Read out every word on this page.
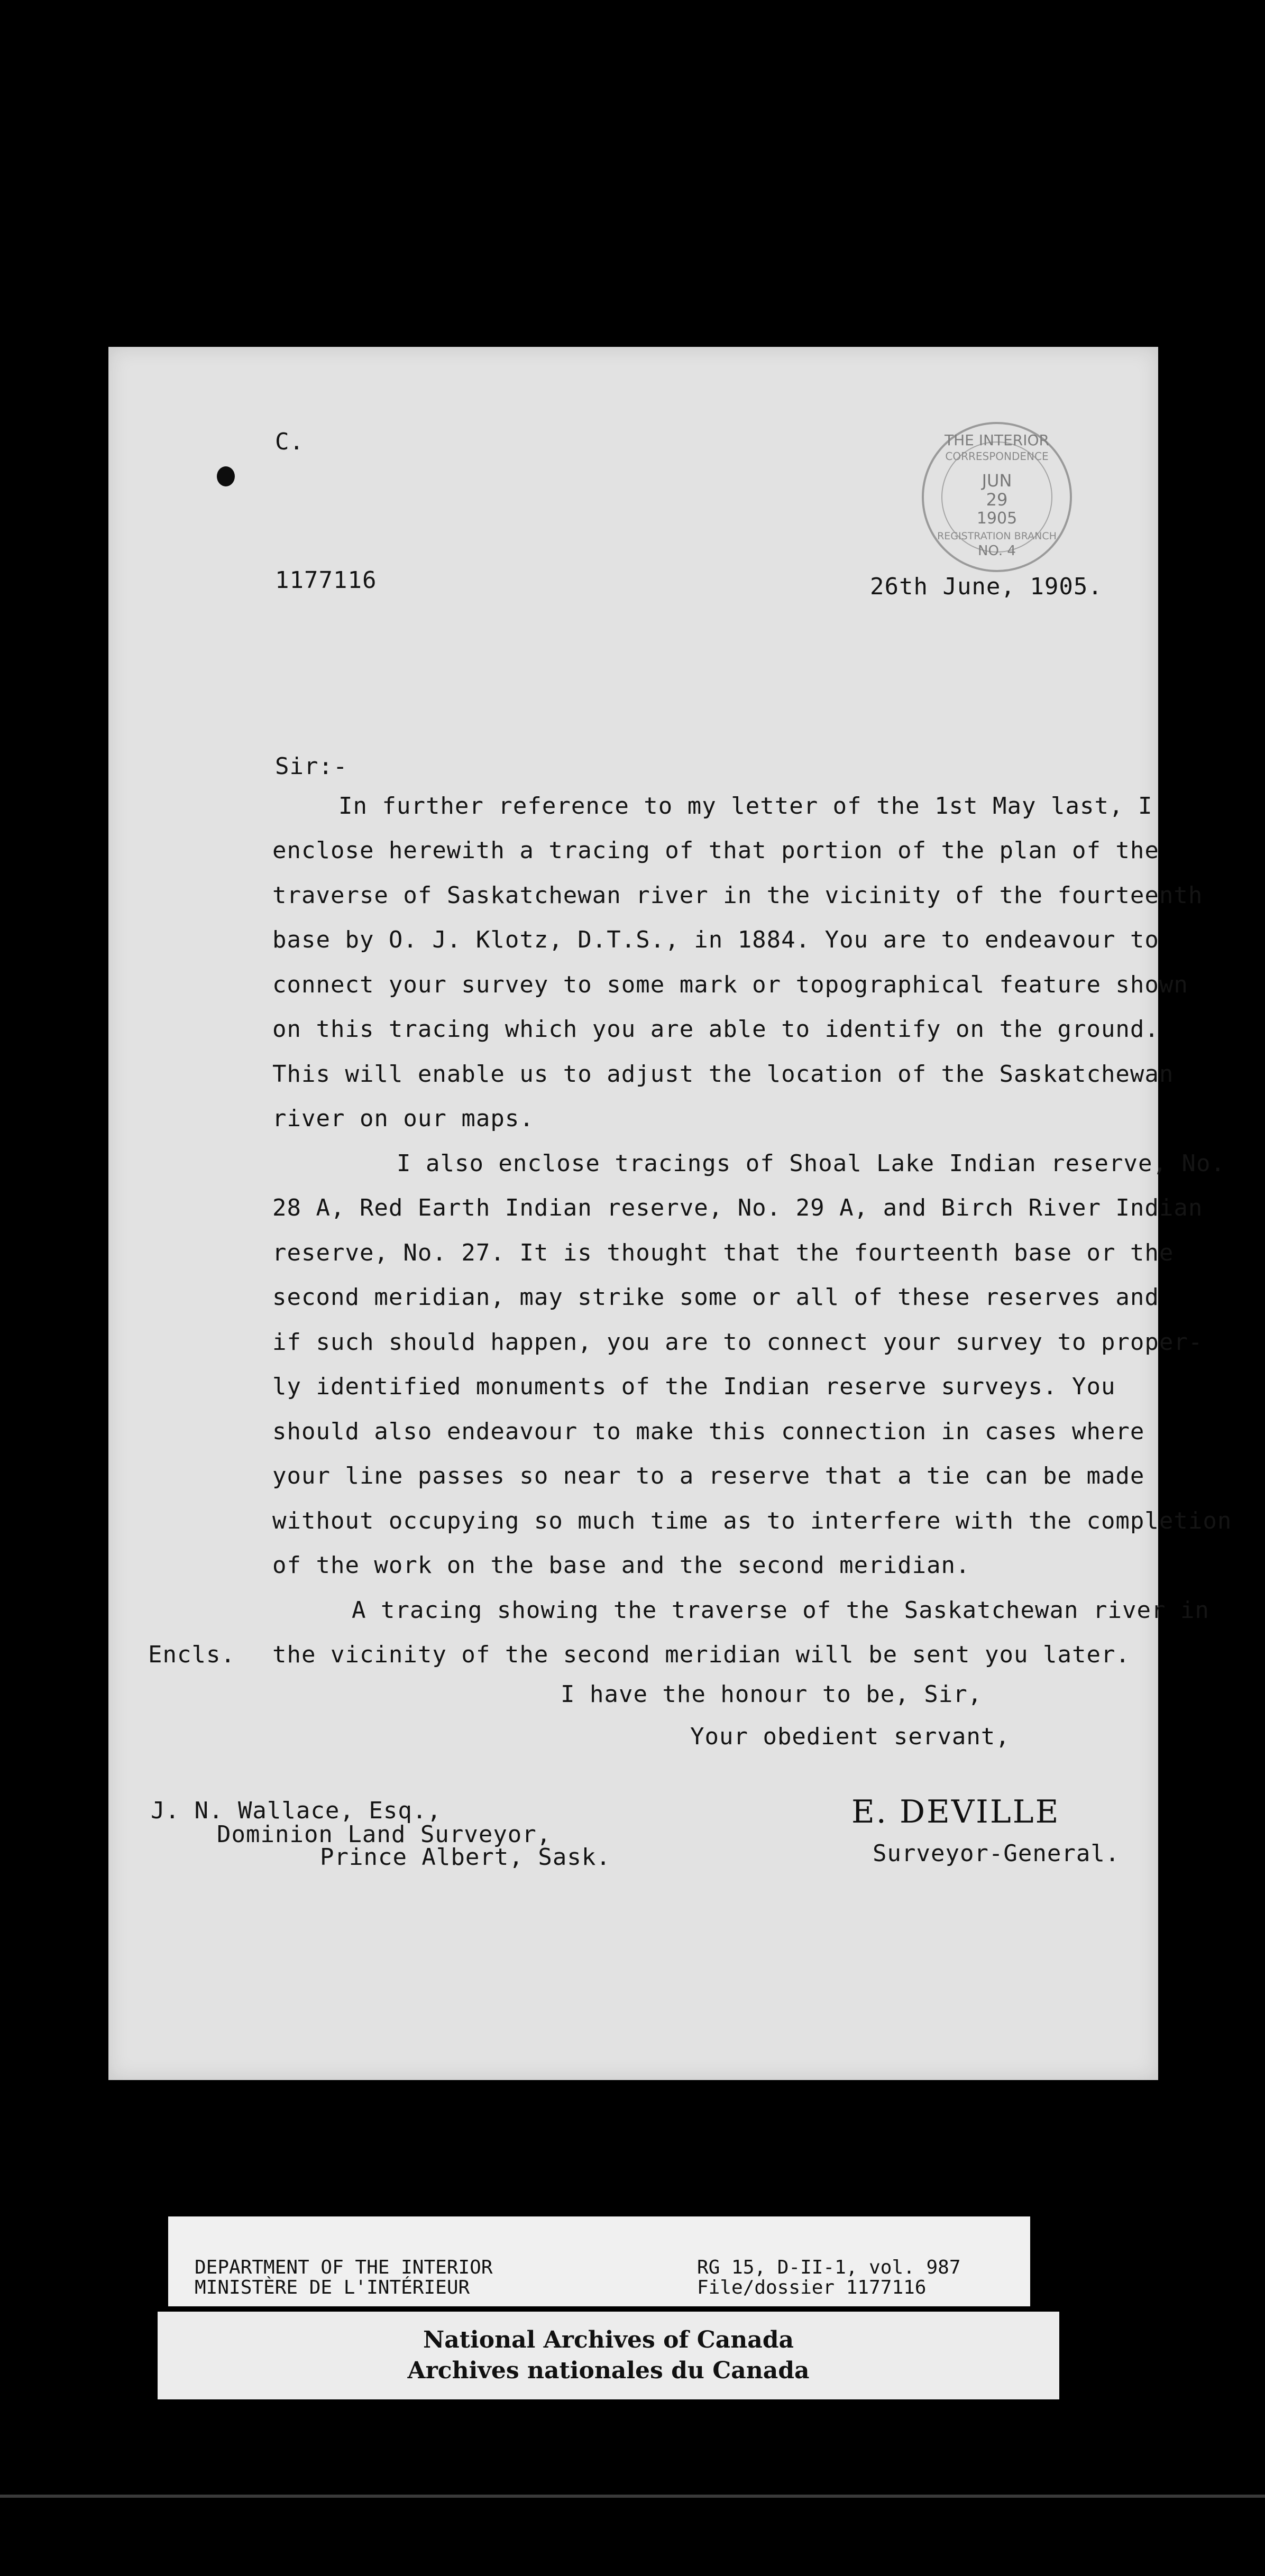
THE INTERIOR
CORRESPONDENCE
JUN
29
1905
REGISTRATION BRANCH
NO. 4
C.
1177116	26th June, 1905.
Sir:-
In further reference to my letter of the 1st May last, I
enclose herewith a tracing of that portion of the plan of the
traverse of Saskatchewan river in the vicinity of the fourteenth
base by O. J. Klotz, D.T.S., in 1884. You are to endeavour to
connect your survey to some mark or topographical feature shown
on this tracing which you are able to identify on the ground.
This will enable us to adjust the location of the Saskatchewan
river on our maps.
I also enclose tracings of Shoal Lake Indian reserve, No.
28 A, Red Earth Indian reserve, No. 29 A, and Birch River Indian
reserve, No. 27. It is thought that the fourteenth base or the
second meridian, may strike some or all of these reserves and
if such should happen, you are to connect your survey to proper-
ly identified monuments of the Indian reserve surveys. You
should also endeavour to make this connection in cases where
your line passes so near to a reserve that a tie can be made
without occupying so much time as to interfere with the completion
of the work on the base and the second meridian.
A tracing showing the traverse of the Saskatchewan river in
the vicinity of the second meridian will be sent you later.
Encls.
I have the honour to be, Sir,
Your obedient servant,
J. N. Wallace, Esq.,
Dominion Land Surveyor,
Prince Albert, Sask.
E. DEVILLE
Surveyor-General.
DEPARTMENT OF THE INTERIOR
MINISTÈRE DE L'INTÉRIEUR
RG 15, D-II-1, vol. 987
File/dossier 1177116
National Archives of Canada
Archives nationales du Canada
